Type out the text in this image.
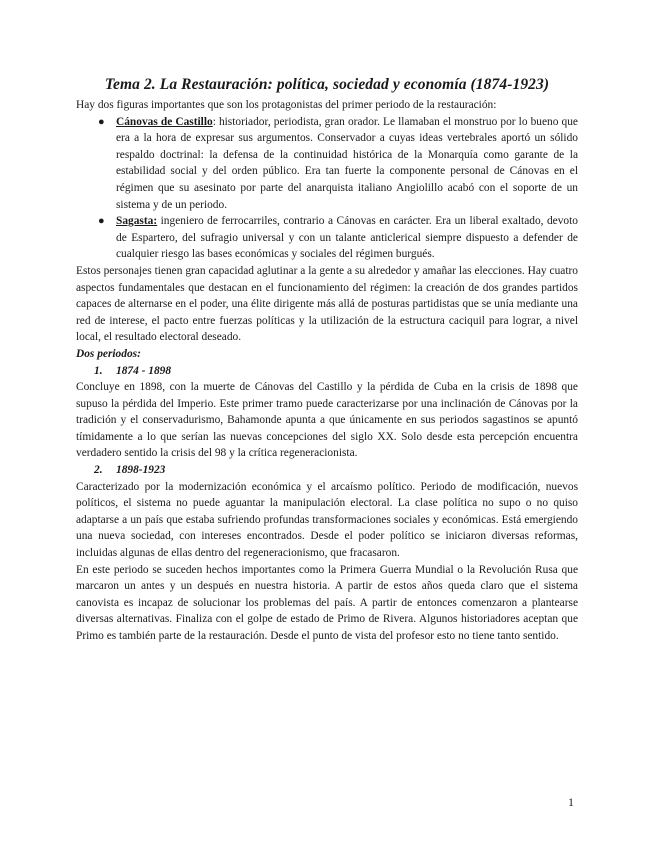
Tema 2. La Restauración: política, sociedad y economía (1874-1923)

Hay dos figuras importantes que son los protagonistas del primer periodo de la restauración:

● Cánovas de Castillo: historiador, periodista, gran orador. Le llamaban el monstruo por lo bueno que era a la hora de expresar sus argumentos. Conservador a cuyas ideas vertebrales aportó un sólido respaldo doctrinal: la defensa de la continuidad histórica de la Monarquía como garante de la estabilidad social y del orden público. Era tan fuerte la componente personal de Cánovas en el régimen que su asesinato por parte del anarquista italiano Angiolillo acabó con el soporte de un sistema y de un periodo.
● Sagasta: ingeniero de ferrocarriles, contrario a Cánovas en carácter. Era un liberal exaltado, devoto de Espartero, del sufragio universal y con un talante anticlerical siempre dispuesto a defender de cualquier riesgo las bases económicas y sociales del régimen burgués.

Estos personajes tienen gran capacidad aglutinar a la gente a su alrededor y amañar las elecciones. Hay cuatro aspectos fundamentales que destacan en el funcionamiento del régimen: la creación de dos grandes partidos capaces de alternarse en el poder, una élite dirigente más allá de posturas partidistas que se unía mediante una red de interese, el pacto entre fuerzas políticas y la utilización de la estructura caciquil para lograr, a nivel local, el resultado electoral deseado.

Dos periodos:
1. 1874 - 1898

Concluye en 1898, con la muerte de Cánovas del Castillo y la pérdida de Cuba en la crisis de 1898 que supuso la pérdida del Imperio. Este primer tramo puede caracterizarse por una inclinación de Cánovas por la tradición y el conservadurismo, Bahamonde apunta a que únicamente en sus periodos sagastinos se apuntó tímidamente a lo que serían las nuevas concepciones del siglo XX. Solo desde esta percepción encuentra verdadero sentido la crisis del 98 y la crítica regeneracionista.

2. 1898-1923

Caracterizado por la modernización económica y el arcaísmo político. Periodo de modificación, nuevos políticos, el sistema no puede aguantar la manipulación electoral. La clase política no supo o no quiso adaptarse a un país que estaba sufriendo profundas transformaciones sociales y económicas. Está emergiendo una nueva sociedad, con intereses encontrados. Desde el poder político se iniciaron diversas reformas, incluidas algunas de ellas dentro del regeneracionismo, que fracasaron.

En este periodo se suceden hechos importantes como la Primera Guerra Mundial o la Revolución Rusa que marcaron un antes y un después en nuestra historia. A partir de estos años queda claro que el sistema canovista es incapaz de solucionar los problemas del país. A partir de entonces comenzaron a plantearse diversas alternativas. Finaliza con el golpe de estado de Primo de Rivera. Algunos historiadores aceptan que Primo es también parte de la restauración. Desde el punto de vista del profesor esto no tiene tanto sentido.

1
